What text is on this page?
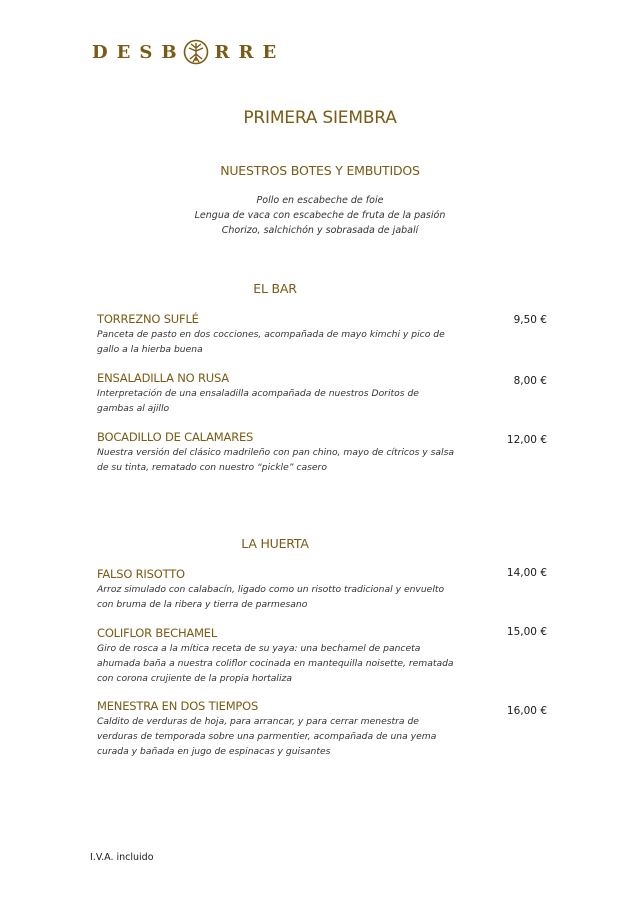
DESB RRE
PRIMERA SIEMBRA
NUESTROS BOTES Y EMBUTIDOS
Pollo en escabeche de foie
Lengua de vaca con escabeche de fruta de la pasión
Chorizo, salchichón y sobrasada de jabalí
EL BAR
TORREZNO SUFLÉ
Panceta de pasto en dos cocciones, acompañada de mayo kimchi y pico de gallo a la hierba buena
9,50 €
ENSALADILLA NO RUSA
Interpretación de una ensaladilla acompañada de nuestros Doritos de gambas al ajillo
8,00 €
BOCADILLO DE CALAMARES
Nuestra versión del clásico madrileño con pan chino, mayo de cítricos y salsa de su tinta, rematado con nuestro “pickle” casero
12,00 €
LA HUERTA
FALSO RISOTTO
Arroz simulado con calabacín, ligado como un risotto tradicional y envuelto con bruma de la ribera y tierra de parmesano
14,00 €
COLIFLOR BECHAMEL
Giro de rosca a la mítica receta de su yaya: una bechamel de panceta ahumada baña a nuestra coliflor cocinada en mantequilla noisette, rematada con corona crujiente de la propia hortaliza
15,00 €
MENESTRA EN DOS TIEMPOS
Caldito de verduras de hoja, para arrancar, y para cerrar menestra de verduras de temporada sobre una parmentier, acompañada de una yema curada y bañada en jugo de espinacas y guisantes
16,00 €
I.V.A. incluido
